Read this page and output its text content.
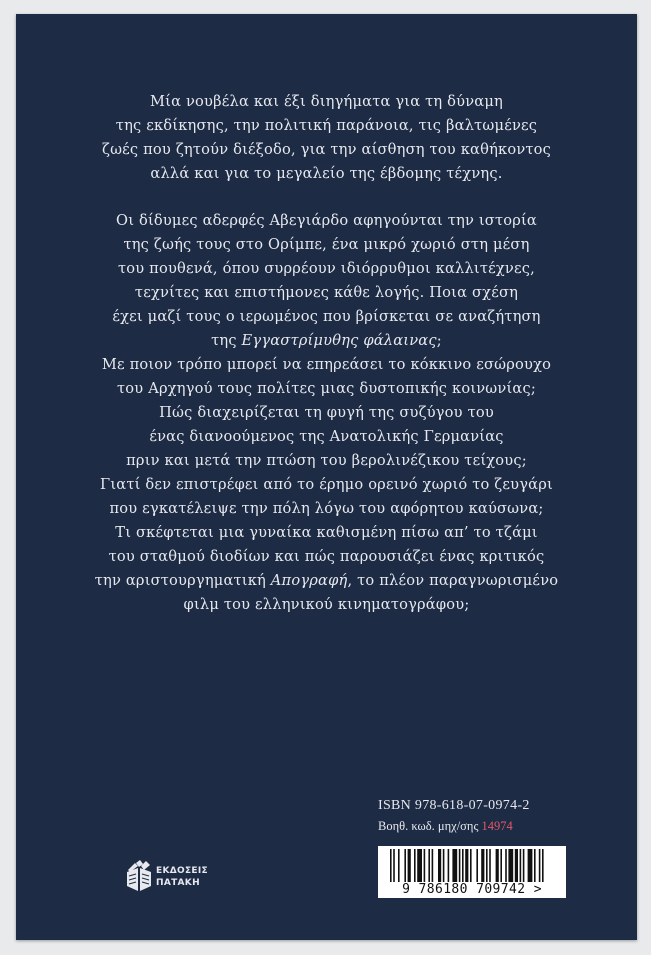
Μία νουβέλα και έξι διηγήματα για τη δύναμη
της εκδίκησης, την πολιτική παράνοια, τις βαλτωμένες
ζωές που ζητούν διέξοδο, για την αίσθηση του καθήκοντος
αλλά και για το μεγαλείο της έβδομης τέχνης.
Οι δίδυμες αδερφές Αβεγιάρδο αφηγούνται την ιστορία
της ζωής τους στο Ορίμπε, ένα μικρό χωριό στη μέση
του πουθενά, όπου συρρέουν ιδιόρρυθμοι καλλιτέχνες,
τεχνίτες και επιστήμονες κάθε λογής. Ποια σχέση
έχει μαζί τους ο ιερωμένος που βρίσκεται σε αναζήτηση
της Εγγαστρίμυθης φάλαινας;
Με ποιον τρόπο μπορεί να επηρεάσει το κόκκινο εσώρουχο
του Αρχηγού τους πολίτες μιας δυστοπικής κοινωνίας;
Πώς διαχειρίζεται τη φυγή της συζύγου του
ένας διανοούμενος της Ανατολικής Γερμανίας
πριν και μετά την πτώση του βερολινέζικου τείχους;
Γιατί δεν επιστρέφει από το έρημο ορεινό χωριό το ζευγάρι
που εγκατέλειψε την πόλη λόγω του αφόρητου καύσωνα;
Τι σκέφτεται μια γυναίκα καθισμένη πίσω απ’ το τζάμι
του σταθμού διοδίων και πώς παρουσιάζει ένας κριτικός
την αριστουργηματική Απογραφή, το πλέον παραγνωρισμένο
φιλμ του ελληνικού κινηματογράφου;
ISBN 978-618-07-0974-2
Βοηθ. κωδ. μηχ/σης 14974
9 786180 709742 >
ΕΚΔΟΣΕΙΣ
ΠΑΤΑΚΗ
